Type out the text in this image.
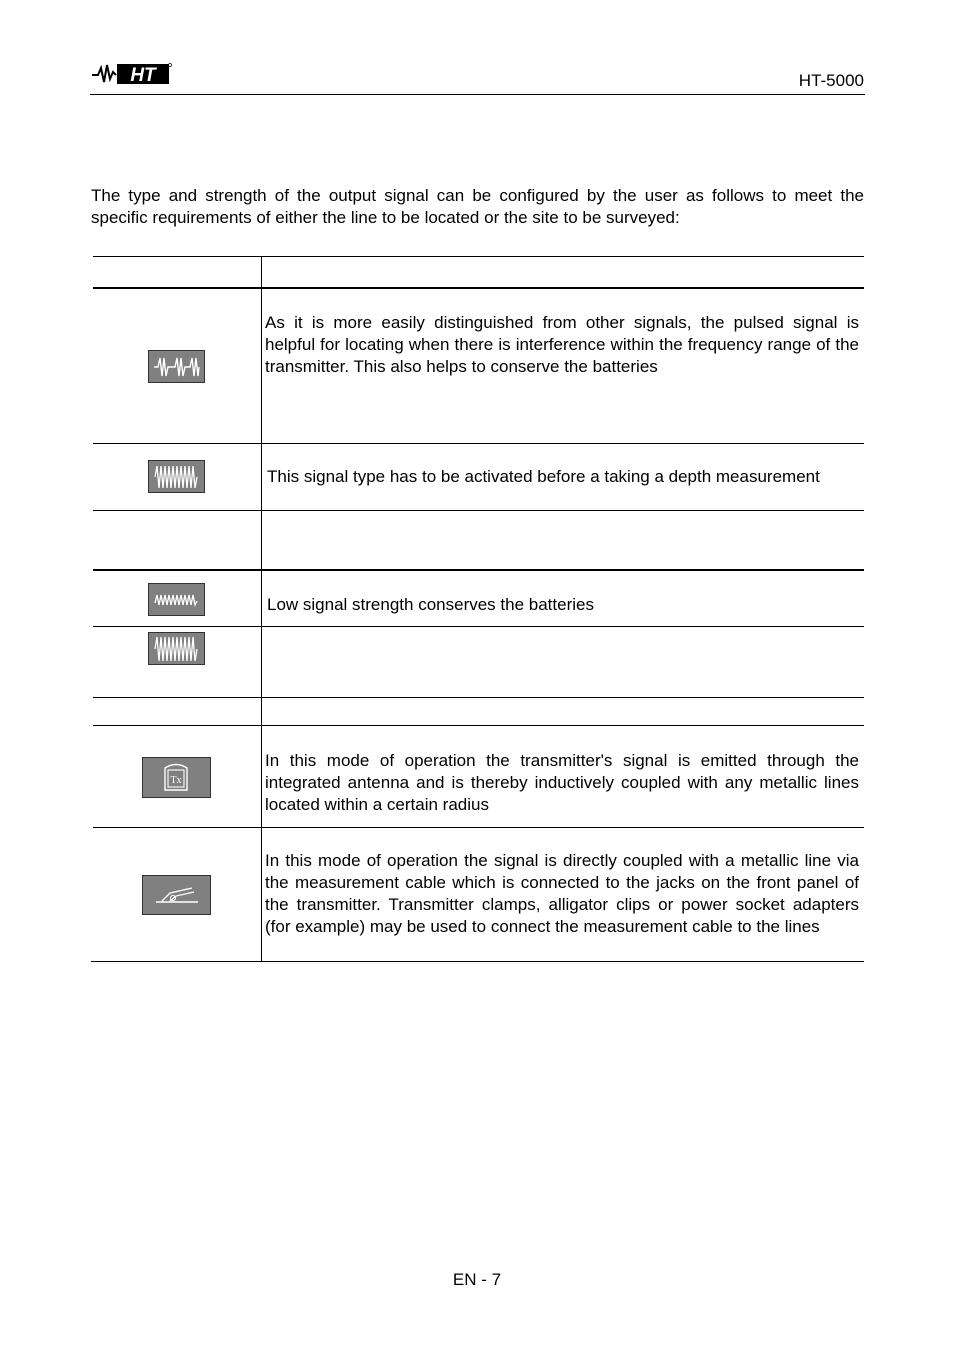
HT	HT-5000

The type and strength of the output signal can be configured by the user as follows to meet the specific requirements of either the line to be located or the site to be surveyed:

As it is more easily distinguished from other signals, the pulsed signal is helpful for locating when there is interference within the frequency range of the transmitter. This also helps to conserve the batteries

This signal type has to be activated before a taking a depth measurement

Low signal strength conserves the batteries

Tx

In this mode of operation the transmitter's signal is emitted through the integrated antenna and is thereby inductively coupled with any metallic lines located within a certain radius

In this mode of operation the signal is directly coupled with a metallic line via the measurement cable which is connected to the jacks on the front panel of the transmitter. Transmitter clamps, alligator clips or power socket adapters (for example) may be used to connect the measurement cable to the lines

EN - 7
